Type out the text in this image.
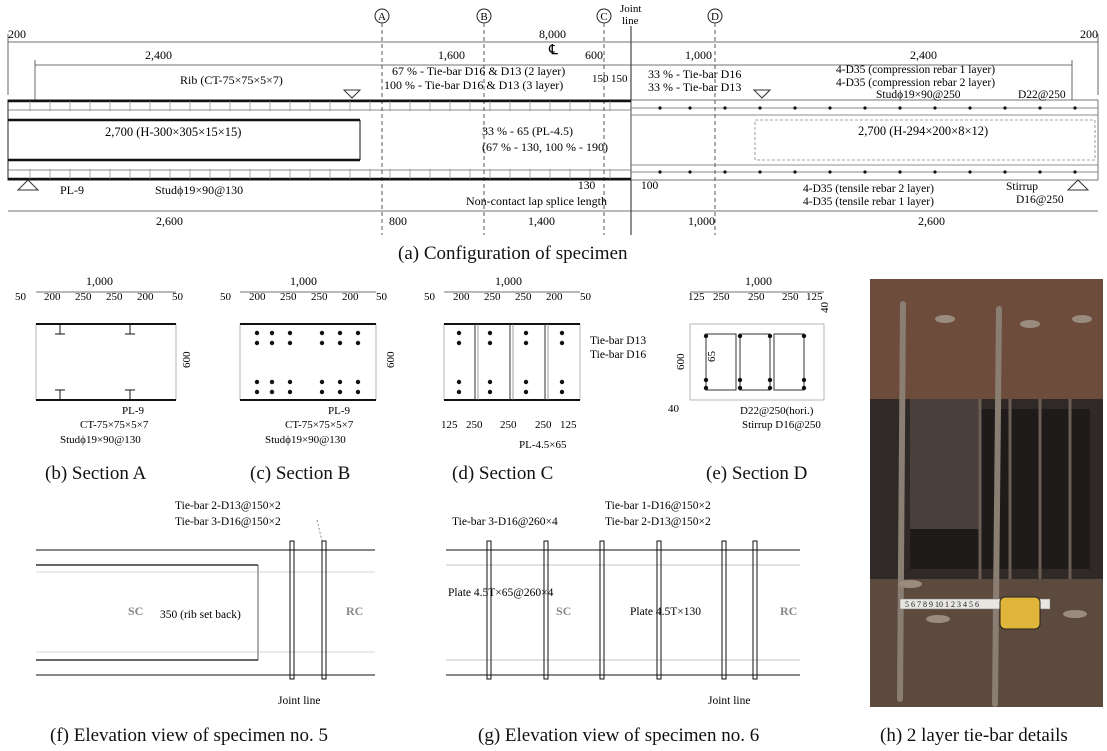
A	B	C	D
Joint
line
200	200
8,000
2,400	1,600	600	1,000	2,400
℄
150 150
Rib (CT-75×75×5×7)
67 % - Tie-bar D16 & D13 (2 layer)
100 % - Tie-bar D16 & D13 (3 layer)
33 % - Tie-bar D16
33 % - Tie-bar D13
4-D35 (compression rebar 1 layer)
4-D35 (compression rebar 2 layer)
Studϕ19×90@250	D22@250
2,700 (H-300×305×15×15)	33 % - 65 (PL-4.5)
(67 % - 130, 100 % - 190)
2,700 (H-294×200×8×12)
PL-9	Studϕ19×90@130	130	100
Non-contact lap splice length
4-D35 (tensile rebar 2 layer)
4-D35 (tensile rebar 1 layer)
Stirrup
D16@250
2,600	800	1,400	1,000	2,600
1,000
50 200 250 250 200 50
600
PL-9
CT-75×75×5×7
Studϕ19×90@130
1,000
50 200 250 250 200 50
600
PL-9
CT-75×75×5×7
Studϕ19×90@130
1,000
50 200 250 250 200 50
Tie-bar D13
Tie-bar D16
125 250 250 250 125
PL-4.5×65
1,000
125 250 250 250 125
40
600 65
40	D22@250(hori.)
Stirrup D16@250
Tie-bar 2-D13@150×2
Tie-bar 3-D16@150×2
SC	RC
350 (rib set back)
Joint line
Tie-bar 3-D16@260×4
Tie-bar 1-D16@150×2
Tie-bar 2-D13@150×2
Plate 4.5T×65@260×4
SC	Plate 4.5T×130	RC
Joint line
5 6 7 8 9 10 1 2 3 4 5 6
(a) Configuration of specimen
(b) Section A	(c) Section B	(d) Section C	(e) Section D
(f) Elevation view of specimen no. 5	(g) Elevation view of specimen no. 6	(h) 2 layer tie-bar details
